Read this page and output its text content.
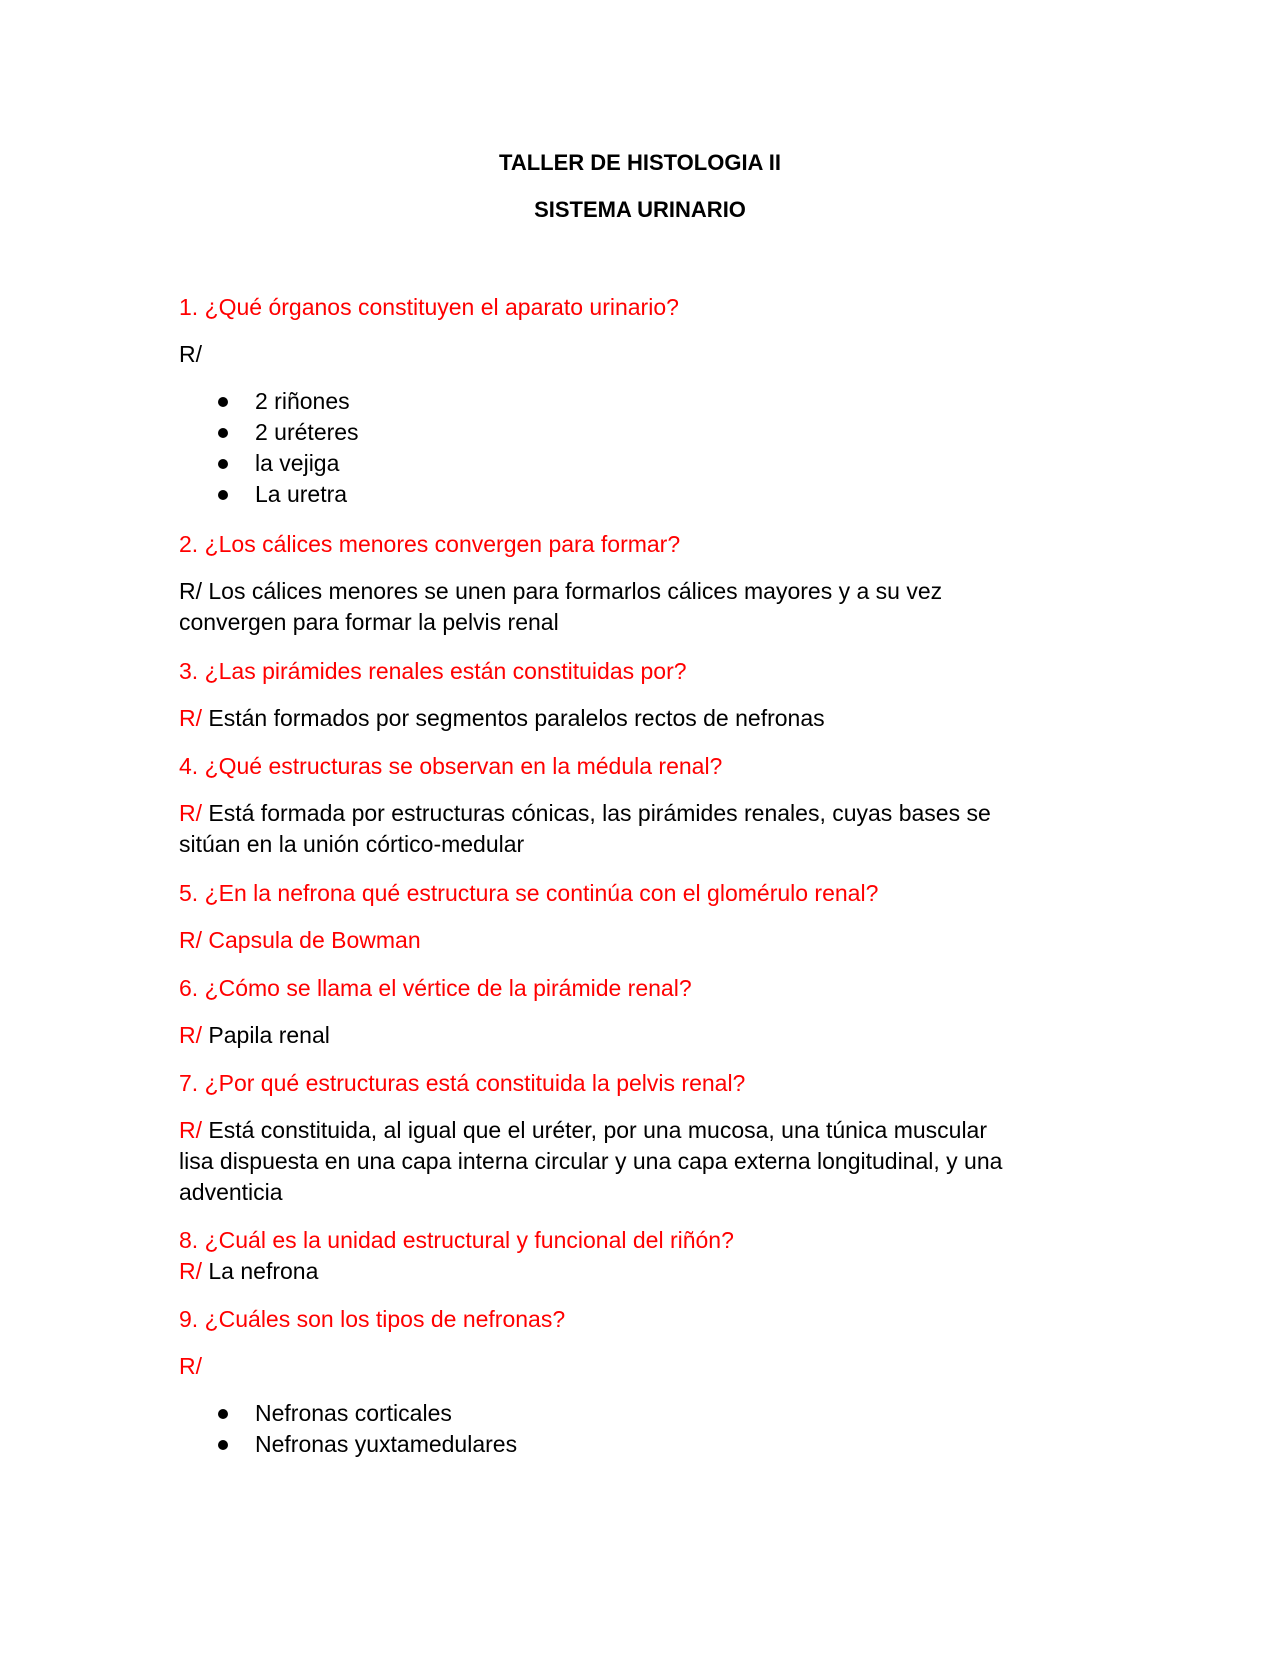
TALLER DE HISTOLOGIA II
SISTEMA URINARIO

1. ¿Qué órganos constituyen el aparato urinario?

R/

2 riñones
2 uréteres
la vejiga
La uretra

2. ¿Los cálices menores convergen para formar?

R/ Los cálices menores se unen para formarlos cálices mayores y a su vez

convergen para formar la pelvis renal

3. ¿Las pirámides renales están constituidas por?

R/ Están formados por segmentos paralelos rectos de nefronas

4. ¿Qué estructuras se observan en la médula renal?

R/ Está formada por estructuras cónicas, las pirámides renales, cuyas bases se

sitúan en la unión córtico-medular

5. ¿En la nefrona qué estructura se continúa con el glomérulo renal?

R/ Capsula de Bowman

6. ¿Cómo se llama el vértice de la pirámide renal?

R/ Papila renal

7. ¿Por qué estructuras está constituida la pelvis renal?

R/ Está constituida, al igual que el uréter, por una mucosa, una túnica muscular

lisa dispuesta en una capa interna circular y una capa externa longitudinal, y una

adventicia

8. ¿Cuál es la unidad estructural y funcional del riñón?

R/ La nefrona

9. ¿Cuáles son los tipos de nefronas?

R/

Nefronas corticales
Nefronas yuxtamedulares
